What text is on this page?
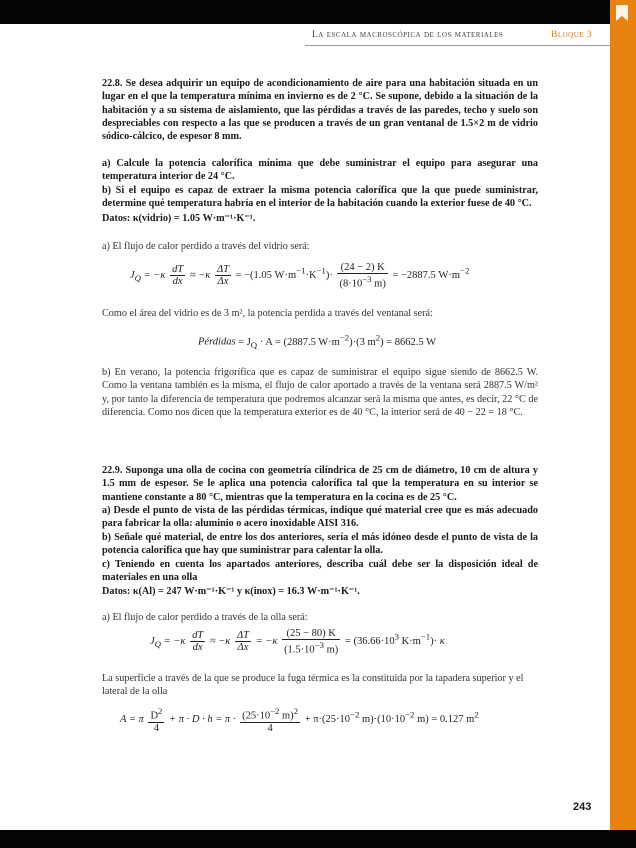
La escala macroscópica de los materiales	Bloque 3
22.8. Se desea adquirir un equipo de acondicionamiento de aire para una habitación situada en un lugar en el que la temperatura mínima en invierno es de 2 °C. Se supone, debido a la situación de la habitación y a su sistema de aislamiento, que las pérdidas a través de las paredes, techo y suelo son despreciables con respecto a las que se producen a través de un gran ventanal de 1.5×2 m de vidrio sódico-cálcico, de espesor 8 mm.
a) Calcule la potencia calorífica mínima que debe suministrar el equipo para asegurar una temperatura interior de 24 °C.
b) Si el equipo es capaz de extraer la misma potencia calorífica que la que puede suministrar, determine qué temperatura habría en el interior de la habitación cuando la exterior fuese de 40 °C.
Datos: κ(vidrio) = 1.05 W·m⁻¹·K⁻¹.
a) El flujo de calor perdido a través del vidrio será:
$J_Q = -\kappa \frac{dT}{dx} \approx -\kappa \frac{\Delta T}{\Delta x} = -(1.05$ $W\cdot m^{-1}\cdot K^{-1})\cdot \frac{(24 - 2) K}{(8\cdot 10^{-3} m)} = -2887.5$ $W\cdot m^{-2}$
Como el área del vidrio es de 3 m², la potencia perdida a través del ventanal será:
Pérdidas = $J_Q \cdot A = (2887.5$ $W\cdot m^{-2})\cdot(3$ $m^2) = 8662.5$ W
b) En verano, la potencia frigorífica que es capaz de suministrar el equipo sigue siendo de 8662.5 W. Como la ventana también es la misma, el flujo de calor aportado a través de la ventana será 2887.5 W/m² y, por tanto la diferencia de temperatura que podremos alcanzar será la misma que antes, es decir, 22 °C de diferencia. Como nos dicen que la temperatura exterior es de 40 °C, la interior será de 40 − 22 = 18 °C.
22.9. Suponga una olla de cocina con geometría cilíndrica de 25 cm de diámetro, 10 cm de altura y 1.5 mm de espesor. Se le aplica una potencia calorífica tal que la temperatura en su interior se mantiene constante a 80 °C, mientras que la temperatura en la cocina es de 25 °C.
a) Desde el punto de vista de las pérdidas térmicas, indique qué material cree que es más adecuado para fabricar la olla: aluminio o acero inoxidable AISI 316.
b) Señale qué material, de entre los dos anteriores, sería el más idóneo desde el punto de vista de la potencia calorífica que hay que suministrar para calentar la olla.
c) Teniendo en cuenta los apartados anteriores, describa cuál debe ser la disposición ideal de materiales en una olla
Datos: κ(Al) = 247 W·m⁻¹·K⁻¹ y κ(inox) = 16.3 W·m⁻¹·K⁻¹.
a) El flujo de calor perdido a través de la olla será:
$J_Q = -\kappa \frac{dT}{dx} \approx -\kappa \frac{\Delta T}{\Delta x} = -\kappa \frac{(25 - 80) K}{(1.5\cdot 10^{-3} m)} = (36.66\cdot 10^3$ $K\cdot m^{-1})\cdot \kappa$
La superficie a través de la que se produce la fuga térmica es la constituida por la tapadera superior y el lateral de la olla
A = π $\frac{D^2}{4} + \pi \cdot D \cdot h = \pi \cdot \frac{(25\cdot 10^{-2} m)^2}{4} + \pi\cdot(25\cdot 10^{-2}$ $m)\cdot(10\cdot 10^{-2}$ m) = 0.127 $m^2$
243
